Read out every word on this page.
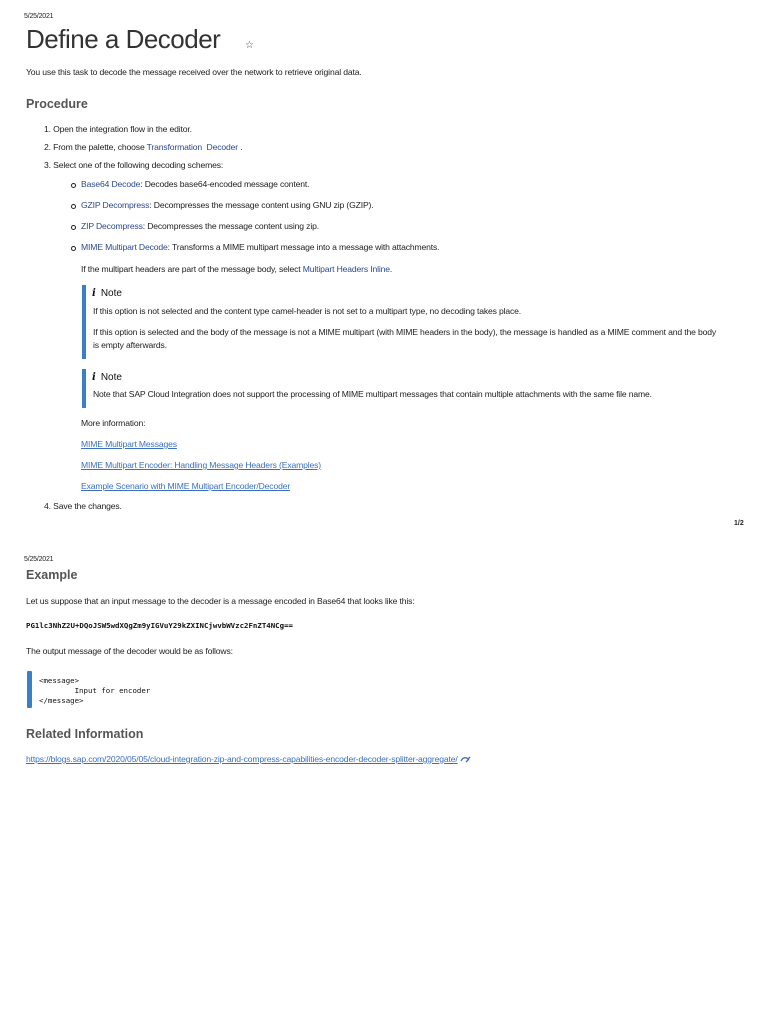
5/25/2021
Define a Decoder ☆
You use this task to decode the message received over the network to retrieve original data.
Procedure
1. Open the integration flow in the editor.
2. From the palette, choose Transformation Decoder .
3. Select one of the following decoding schemes:
Base64 Decode: Decodes base64-encoded message content.
GZIP Decompress: Decompresses the message content using GNU zip (GZIP).
ZIP Decompress: Decompresses the message content using zip.
MIME Multipart Decode: Transforms a MIME multipart message into a message with attachments.
If the multipart headers are part of the message body, select Multipart Headers Inline.
i Note
If this option is not selected and the content type camel-header is not set to a multipart type, no decoding takes place.
If this option is selected and the body of the message is not a MIME multipart (with MIME headers in the body), the message is handled as a MIME comment and the body
is empty afterwards.
i Note
Note that SAP Cloud Integration does not support the processing of MIME multipart messages that contain multiple attachments with the same file name.
More information:
MIME Multipart Messages
MIME Multipart Encoder: Handling Message Headers (Examples)
Example Scenario with MIME Multipart Encoder/Decoder
4. Save the changes.
1/2
5/25/2021
Example
Let us suppose that an input message to the decoder is a message encoded in Base64 that looks like this:
PG1lc3NhZ2U+DQoJSW5wdXQgZm9yIGVuY29kZXINCjwvbWVzc2FnZT4NCg==
The output message of the decoder would be as follows:
<message>
Input for encoder
</message>
Related Information
https://blogs.sap.com/2020/05/05/cloud-integration-zip-and-compress-capabilities-encoder-decoder-splitter-aggregate/
